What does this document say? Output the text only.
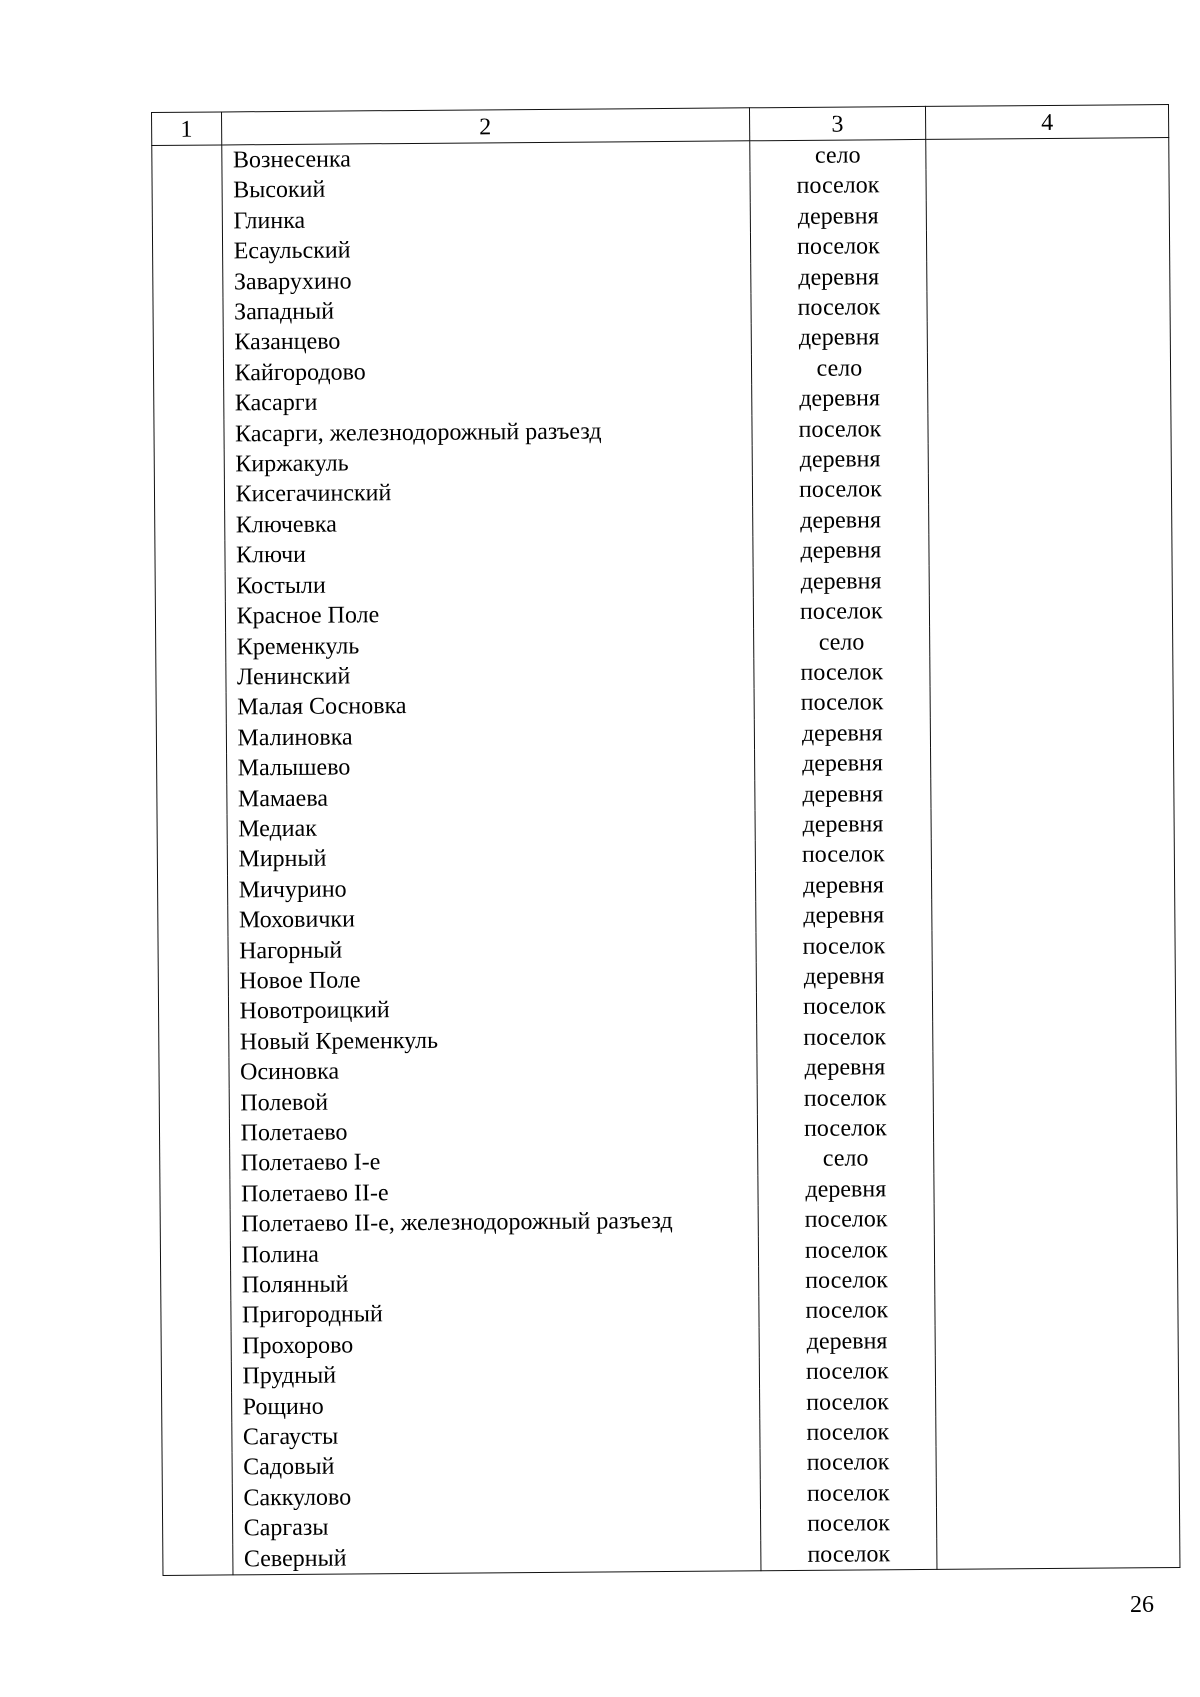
1	2	3	4
	Вознесенка	село	
	Высокий	поселок	
	Глинка	деревня	
	Есаульский	поселок	
	Заварухино	деревня	
	Западный	поселок	
	Казанцево	деревня	
	Кайгородово	село	
	Касарги	деревня	
	Касарги, железнодорожный разъезд	поселок	
	Киржакуль	деревня	
	Кисегачинский	поселок	
	Ключевка	деревня	
	Ключи	деревня	
	Костыли	деревня	
	Красное Поле	поселок	
	Кременкуль	село	
	Ленинский	поселок	
	Малая Сосновка	поселок	
	Малиновка	деревня	
	Малышево	деревня	
	Мамаева	деревня	
	Медиак	деревня	
	Мирный	поселок	
	Мичурино	деревня	
	Моховички	деревня	
	Нагорный	поселок	
	Новое Поле	деревня	
	Новотроицкий	поселок	
	Новый Кременкуль	поселок	
	Осиновка	деревня	
	Полевой	поселок	
	Полетаево	поселок	
	Полетаево I-е	село	
	Полетаево II-е	деревня	
	Полетаево II-е, железнодорожный разъезд	поселок	
	Полина	поселок	
	Полянный	поселок	
	Пригородный	поселок	
	Прохорово	деревня	
	Прудный	поселок	
	Рощино	поселок	
	Сагаусты	поселок	
	Садовый	поселок	
	Саккулово	поселок	
	Саргазы	поселок	
	Северный	поселок	
26
